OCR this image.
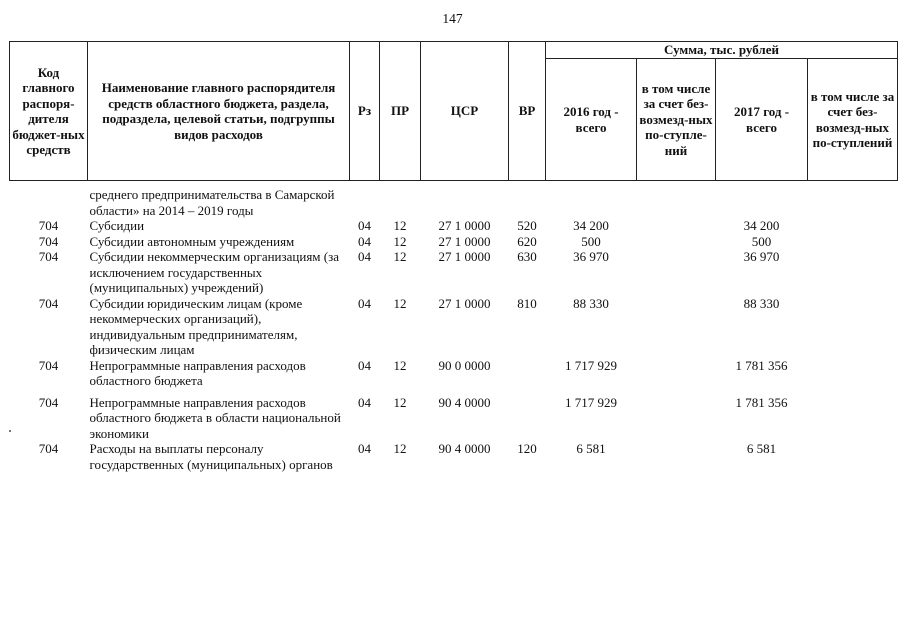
147
Код главного распоря-дителя бюджет-ных средств	Наименование главного распорядителя средств областного бюджета, раздела, подраздела, целевой статьи, подгруппы видов расходов	Рз	ПР	ЦСР	ВР	Сумма, тыс. рублей			
						2016 год - всего	в том числе за счет без-возмезд-ных по-ступле-ний	2017 год - всего	в том числе за счет без-возмезд-ных по-ступлений

	среднего предпринимательства в Самарской области» на 2014 – 2019 годы								
704	Субсидии	04	12	27 1 0000	520	34 200		34 200	
704	Субсидии автономным учреждениям	04	12	27 1 0000	620	500		500	
704	Субсидии некоммерческим организациям (за исключением государственных (муниципальных) учреждений)	04	12	27 1 0000	630	36 970		36 970	
704	Субсидии юридическим лицам (кроме некоммерческих организаций), индивидуальным предпринимателям, физическим лицам	04	12	27 1 0000	810	88 330		88 330	
704	Непрограммные направления расходов областного бюджета	04	12	90 0 0000		1 717 929		1 781 356	

704	Непрограммные направления расходов областного бюджета в области национальной экономики	04	12	90 4 0000		1 717 929		1 781 356	
704	Расходы на выплаты персоналу государственных (муниципальных) органов	04	12	90 4 0000	120	6 581		6 581	
